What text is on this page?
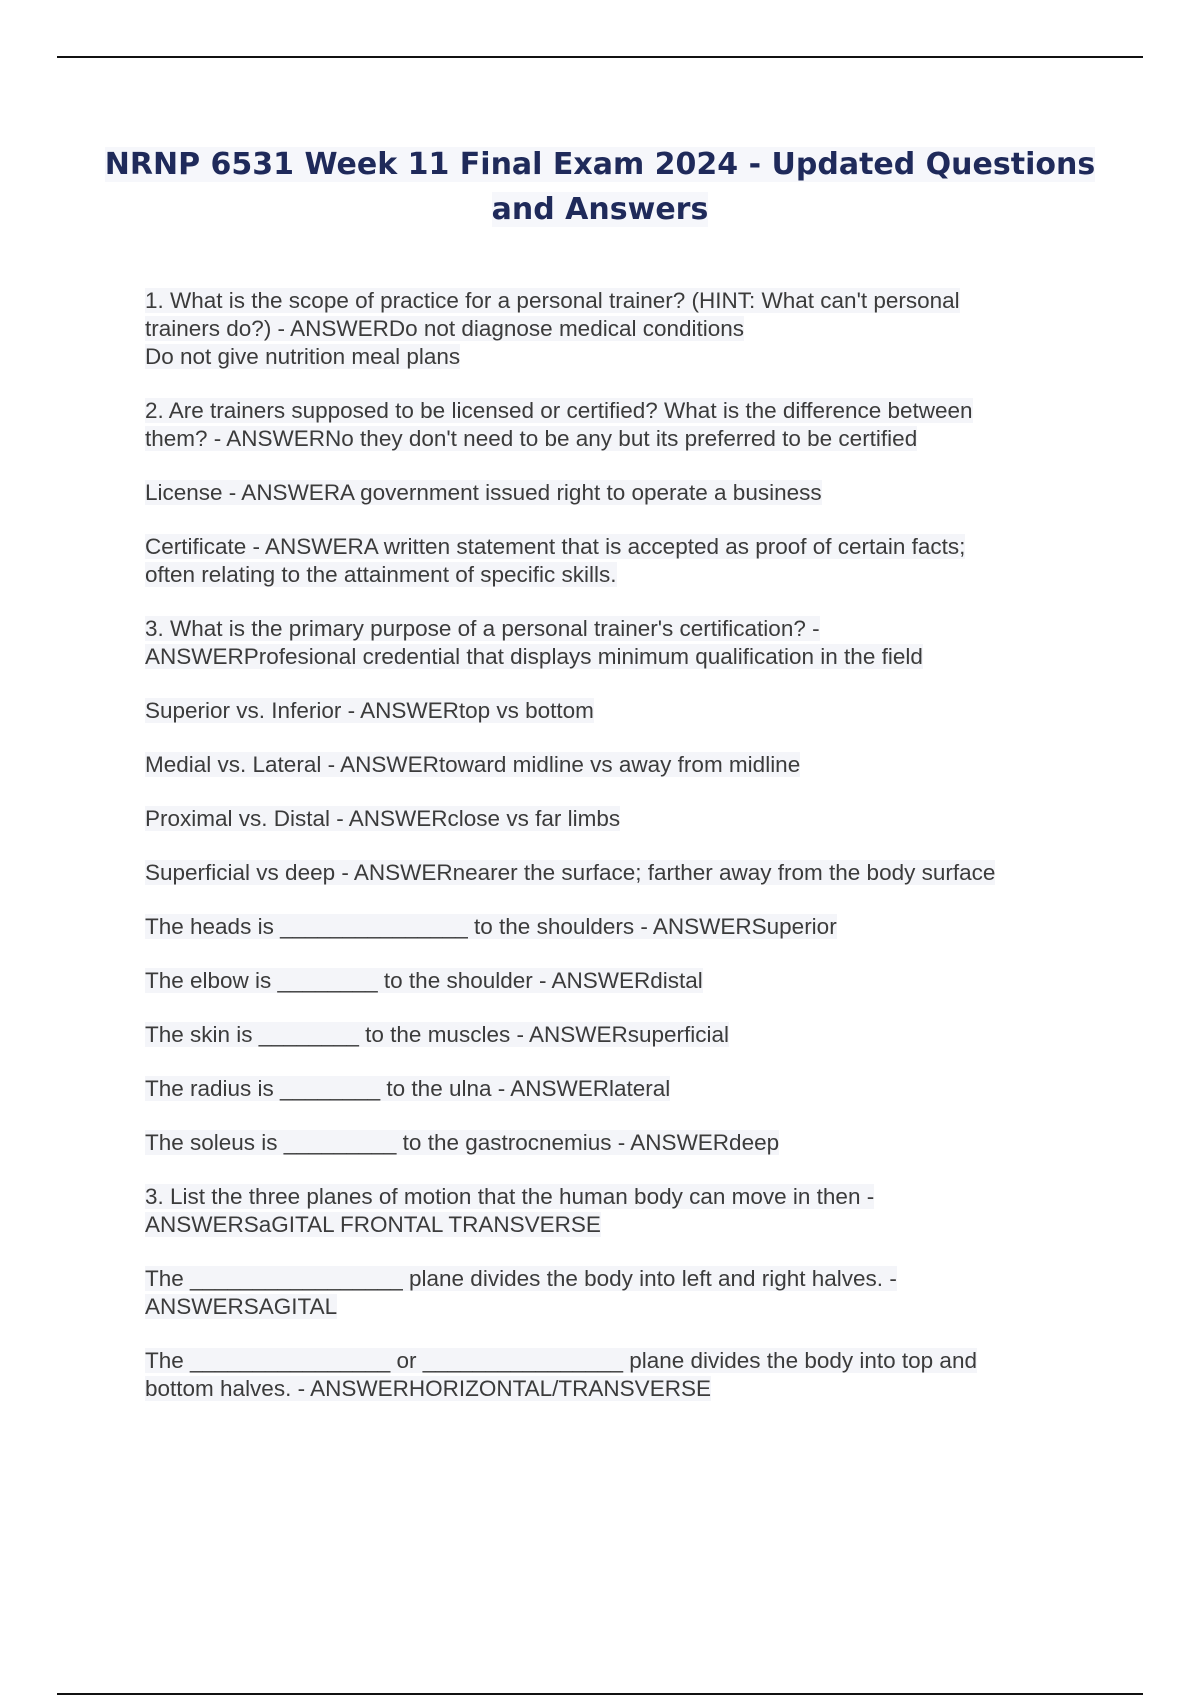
NRNP 6531 Week 11 Final Exam 2024 - Updated Questions
and Answers
1. What is the scope of practice for a personal trainer? (HINT: What can't personal
trainers do?) - ANSWERDo not diagnose medical conditions
Do not give nutrition meal plans
2. Are trainers supposed to be licensed or certified? What is the difference between
them? - ANSWERNo they don't need to be any but its preferred to be certified
License - ANSWERA government issued right to operate a business
Certificate - ANSWERA written statement that is accepted as proof of certain facts;
often relating to the attainment of specific skills.
3. What is the primary purpose of a personal trainer's certification? -
ANSWERProfesional credential that displays minimum qualification in the field
Superior vs. Inferior - ANSWERtop vs bottom
Medial vs. Lateral - ANSWERtoward midline vs away from midline
Proximal vs. Distal - ANSWERclose vs far limbs
Superficial vs deep - ANSWERnearer the surface; farther away from the body surface
The heads is _______________ to the shoulders - ANSWERSuperior
The elbow is ________ to the shoulder - ANSWERdistal
The skin is ________ to the muscles - ANSWERsuperficial
The radius is ________ to the ulna - ANSWERlateral
The soleus is _________ to the gastrocnemius - ANSWERdeep
3. List the three planes of motion that the human body can move in then -
ANSWERSaGITAL FRONTAL TRANSVERSE
The _________________ plane divides the body into left and right halves. -
ANSWERSAGITAL
The ________________ or ________________ plane divides the body into top and
bottom halves. - ANSWERHORIZONTAL/TRANSVERSE
